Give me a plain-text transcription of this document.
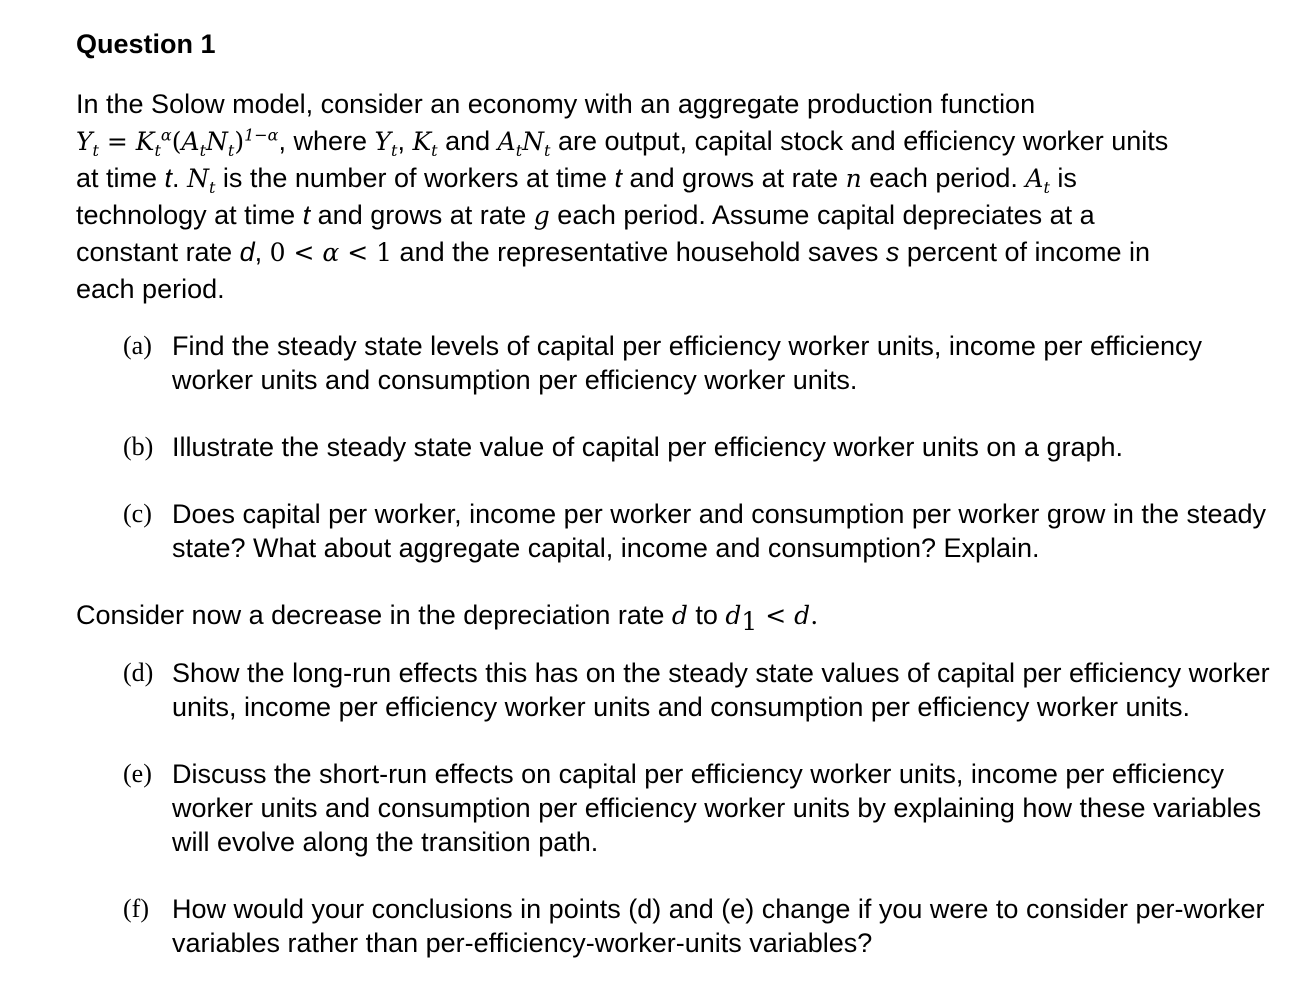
Question 1

In the Solow model, consider an economy with an aggregate production function
$Y_t = K_t^\alpha(A_tN_t)^{1-\alpha}$, where $Y_t$, $K_t$ and $A_tN_t$ are output, capital stock and efficiency worker units
at time t. $N_t$ is the number of workers at time t and grows at rate n each period. $A_t$ is
technology at time t and grows at rate g each period. Assume capital depreciates at a
constant rate d, 0 < α < 1 and the representative household saves s percent of income in
each period.

(a) Find the steady state levels of capital per efficiency worker units, income per efficiency worker units and consumption per efficiency worker units.
(b) Illustrate the steady state value of capital per efficiency worker units on a graph.
(c) Does capital per worker, income per worker and consumption per worker grow in the steady state? What about aggregate capital, income and consumption? Explain.

Consider now a decrease in the depreciation rate d to $d_1 < d$.

(d) Show the long-run effects this has on the steady state values of capital per efficiency worker units, income per efficiency worker units and consumption per efficiency worker units.
(e) Discuss the short-run effects on capital per efficiency worker units, income per efficiency worker units and consumption per efficiency worker units by explaining how these variables will evolve along the transition path.
(f) How would your conclusions in points (d) and (e) change if you were to consider per-worker variables rather than per-efficiency-worker-units variables?
